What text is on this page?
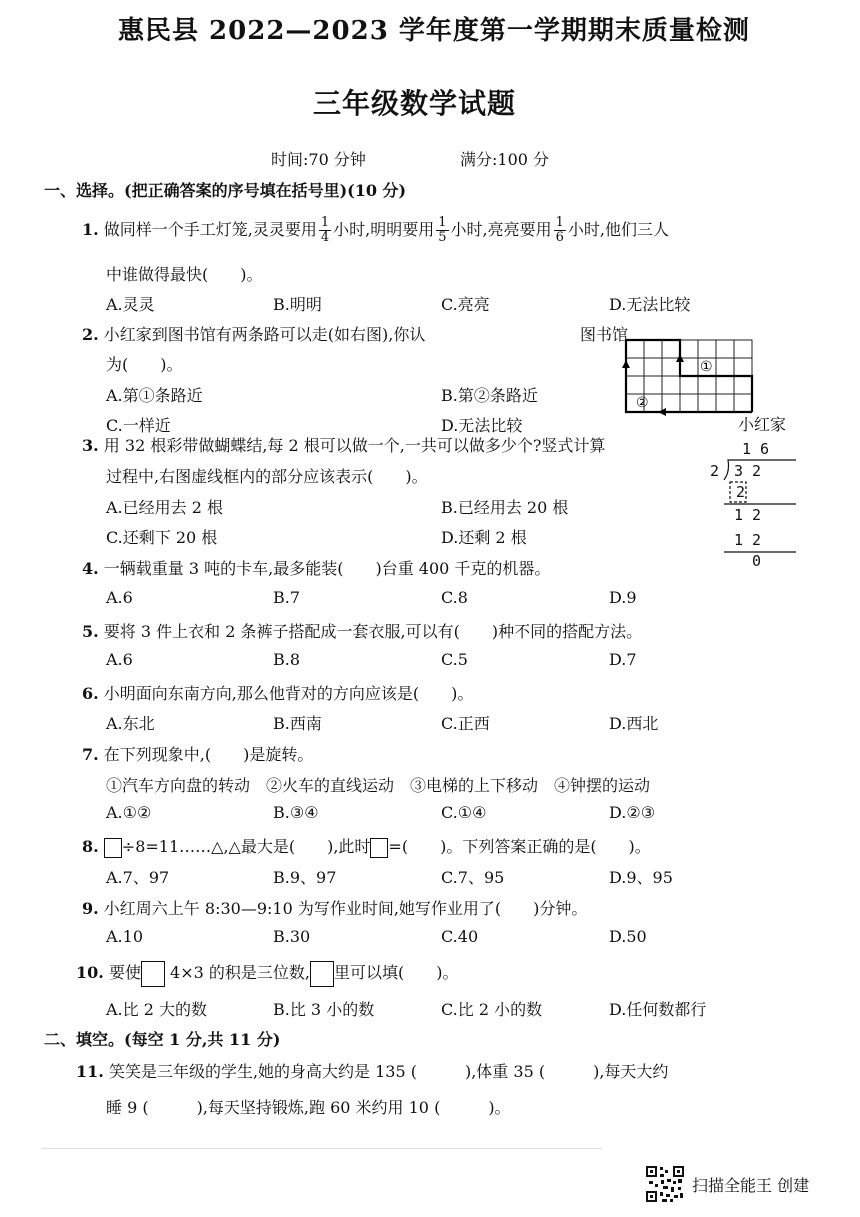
惠民县 2022—2023 学年度第一学期期末质量检测
三年级数学试题
时间:70 分钟	满分:100 分
一、选择。(把正确答案的序号填在括号里)(10 分)
1. 做同样一个手工灯笼,灵灵要用 $\frac{1}{4}$ 小时,明明要用 $\frac{1}{5}$ 小时,亮亮要用 $\frac{1}{6}$ 小时,他们三人
中谁做得最快(　　)。
A.灵灵	B.明明	C.亮亮	D.无法比较
2. 小红家到图书馆有两条路可以走(如右图),你认
为(　　)。
A.第①条路近	B.第②条路近
C.一样近	D.无法比较
图书馆
小红家
①
②
3. 用 32 根彩带做蝴蝶结,每 2 根可以做一个,一共可以做多少个?竖式计算
过程中,右图虚线框内的部分应该表示(　　)。
A.已经用去 2 根	B.已经用去 20 根
C.还剩下 20 根	D.还剩 2 根
1 6
2 3 2
2
1 2
1 2
0
4. 一辆载重量 3 吨的卡车,最多能装(　　)台重 400 千克的机器。
A.6	B.7	C.8	D.9
5. 要将 3 件上衣和 2 条裤子搭配成一套衣服,可以有(　　)种不同的搭配方法。
A.6	B.8	C.5	D.7
6. 小明面向东南方向,那么他背对的方向应该是(　　)。
A.东北	B.西南	C.正西	D.西北
7. 在下列现象中,(　　)是旋转。
①汽车方向盘的转动　②火车的直线运动　③电梯的上下移动　④钟摆的运动
A.①②	B.③④	C.①④	D.②③
8. ÷8=11……△,△最大是(　　),此时 =(　　)。下列答案正确的是(　　)。
A.7、97	B.9、97	C.7、95	D.9、95
9. 小红周六上午 8:30—9:10 为写作业时间,她写作业用了(　　)分钟。
A.10	B.30	C.40	D.50
10. 要使 4×3 的积是三位数, 里可以填(　　)。
A.比 2 大的数	B.比 3 小的数	C.比 2 小的数	D.任何数都行
二、填空。(每空 1 分,共 11 分)
11. 笑笑是三年级的学生,她的身高大约是 135 (　　　),体重 35 (　　　),每天大约
睡 9 (　　　),每天坚持锻炼,跑 60 米约用 10 (　　　)。
扫描全能王 创建
